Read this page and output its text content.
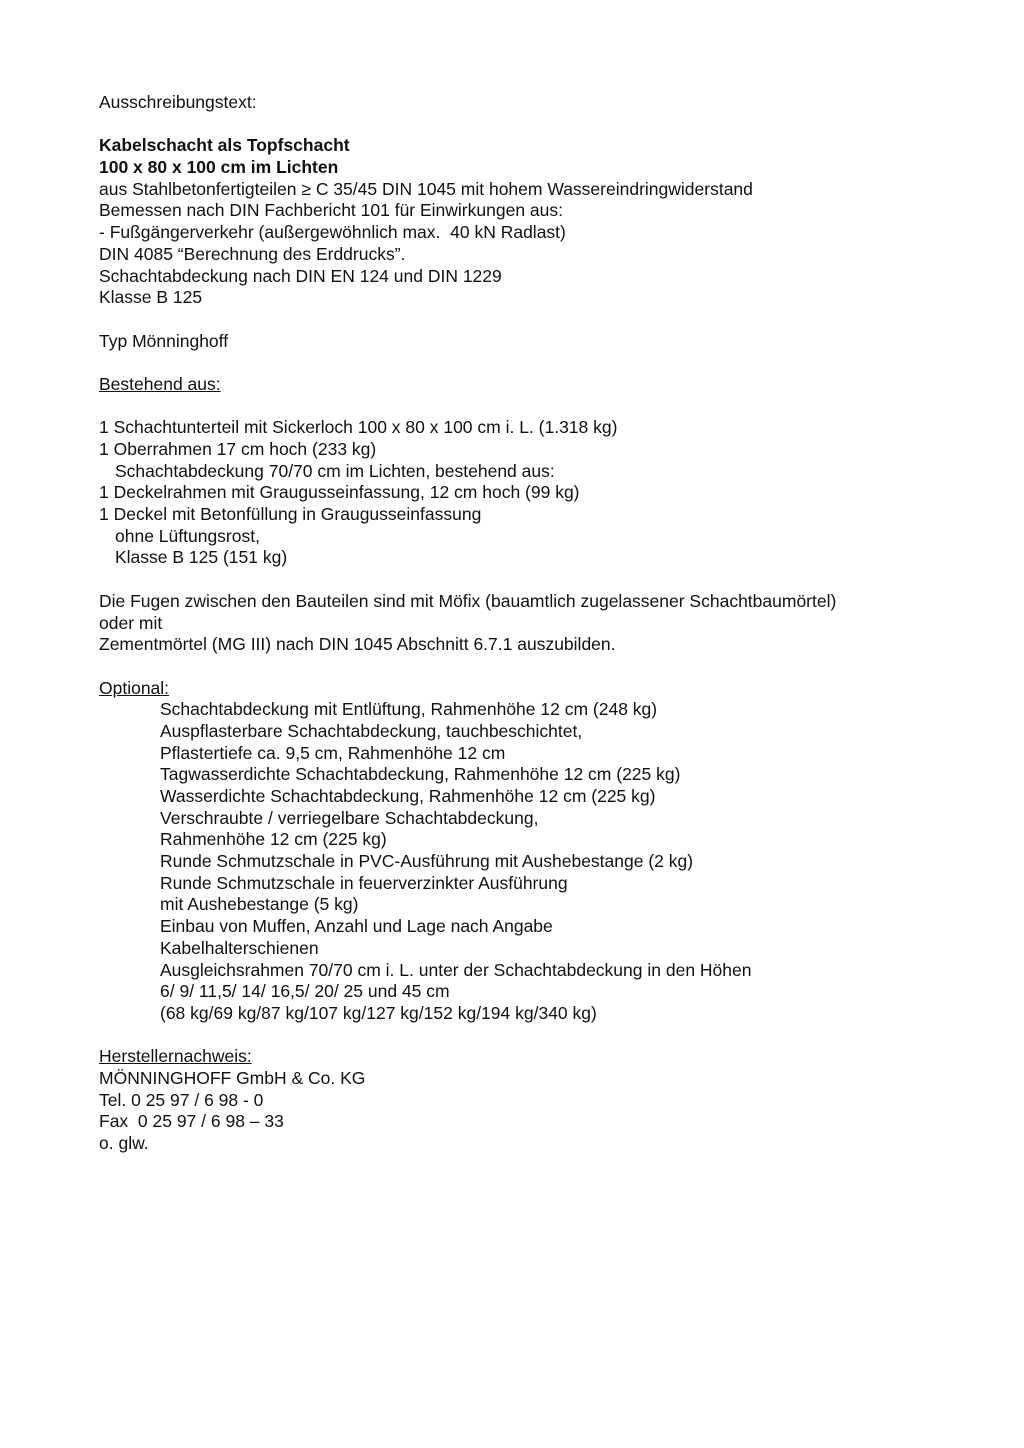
Ausschreibungstext:
Kabelschacht als Topfschacht
100 x 80 x 100 cm im Lichten
aus Stahlbetonfertigteilen ≥ C 35/45 DIN 1045 mit hohem Wassereindringwiderstand
Bemessen nach DIN Fachbericht 101 für Einwirkungen aus:
- Fußgängerverkehr (außergewöhnlich max.  40 kN Radlast)
DIN 4085 “Berechnung des Erddrucks”.
Schachtabdeckung nach DIN EN 124 und DIN 1229
Klasse B 125
Typ Mönninghoff
Bestehend aus:
1 Schachtunterteil mit Sickerloch 100 x 80 x 100 cm i. L. (1.318 kg)
1 Oberrahmen 17 cm hoch (233 kg)
Schachtabdeckung 70/70 cm im Lichten, bestehend aus:
1 Deckelrahmen mit Graugusseinfassung, 12 cm hoch (99 kg)
1 Deckel mit Betonfüllung in Graugusseinfassung
ohne Lüftungsrost,
Klasse B 125 (151 kg)
Die Fugen zwischen den Bauteilen sind mit Möfix (bauamtlich zugelassener Schachtbaumörtel)
oder mit
Zementmörtel (MG III) nach DIN 1045 Abschnitt 6.7.1 auszubilden.
Optional:
Schachtabdeckung mit Entlüftung, Rahmenhöhe 12 cm (248 kg)
Auspflasterbare Schachtabdeckung, tauchbeschichtet,
Pflastertiefe ca. 9,5 cm, Rahmenhöhe 12 cm
Tagwasserdichte Schachtabdeckung, Rahmenhöhe 12 cm (225 kg)
Wasserdichte Schachtabdeckung, Rahmenhöhe 12 cm (225 kg)
Verschraubte / verriegelbare Schachtabdeckung,
Rahmenhöhe 12 cm (225 kg)
Runde Schmutzschale in PVC-Ausführung mit Aushebestange (2 kg)
Runde Schmutzschale in feuerverzinkter Ausführung
mit Aushebestange (5 kg)
Einbau von Muffen, Anzahl und Lage nach Angabe
Kabelhalterschienen
Ausgleichsrahmen 70/70 cm i. L. unter der Schachtabdeckung in den Höhen
6/ 9/ 11,5/ 14/ 16,5/ 20/ 25 und 45 cm
(68 kg/69 kg/87 kg/107 kg/127 kg/152 kg/194 kg/340 kg)
Herstellernachweis:
MÖNNINGHOFF GmbH & Co. KG
Tel. 0 25 97 / 6 98 - 0
Fax  0 25 97 / 6 98 – 33
o. glw.
